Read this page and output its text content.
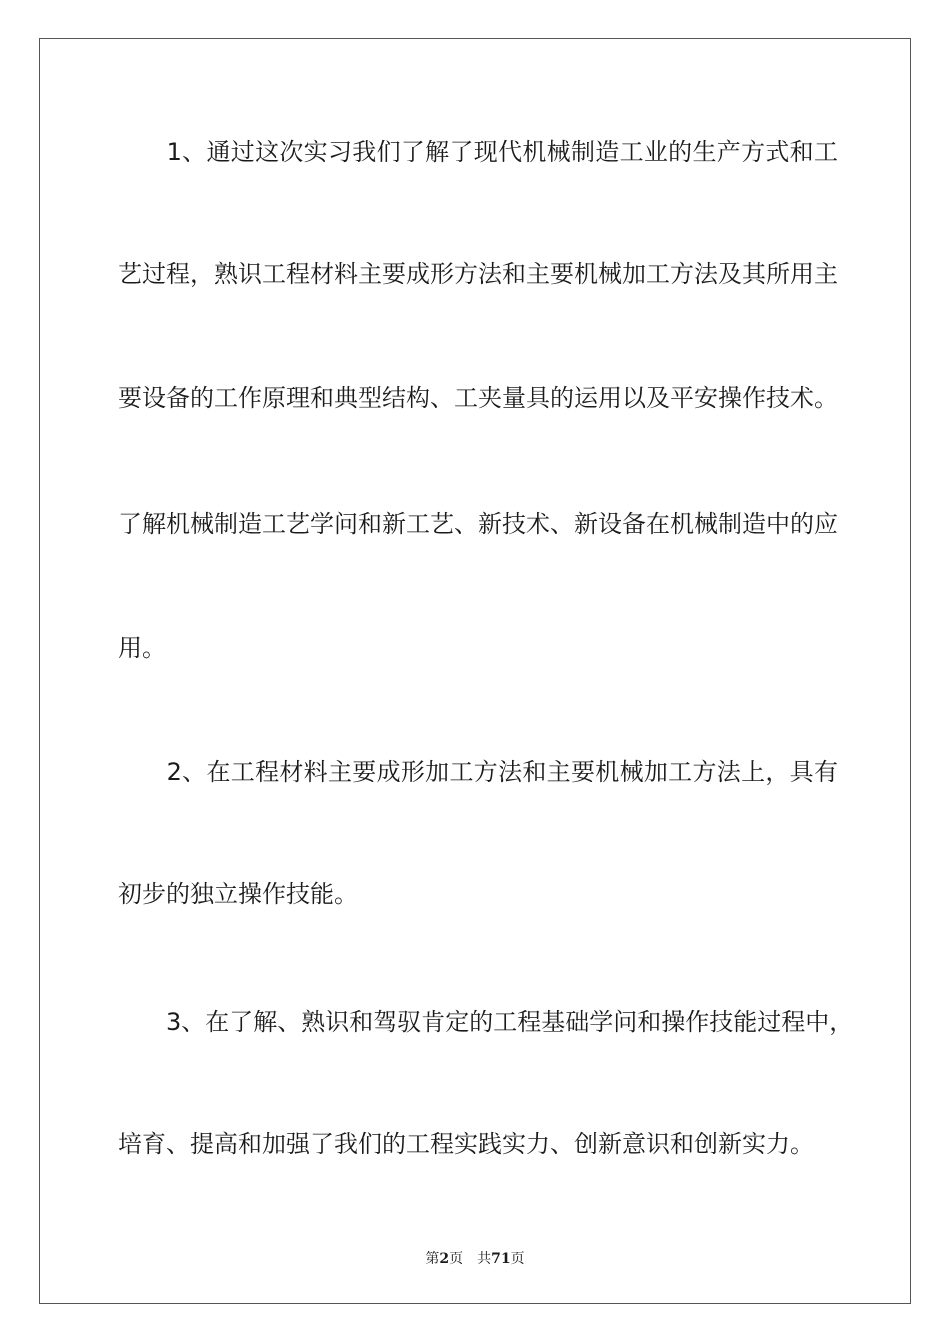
　　1、通过这次实习我们了解了现代机械制造工业的生产方式和工
艺过程，熟识工程材料主要成形方法和主要机械加工方法及其所用主
要设备的工作原理和典型结构、工夹量具的运用以及平安操作技术。
了解机械制造工艺学问和新工艺、新技术、新设备在机械制造中的应
用。
　　2、在工程材料主要成形加工方法和主要机械加工方法上，具有
初步的独立操作技能。
　　3、在了解、熟识和驾驭肯定的工程基础学问和操作技能过程中，
培育、提高和加强了我们的工程实践实力、创新意识和创新实力。
第2页　共71页
